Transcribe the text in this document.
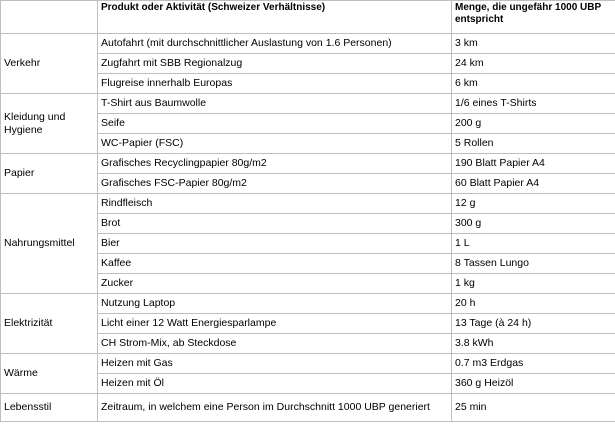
	Produkt oder Aktivität (Schweizer Verhältnisse)	Menge, die ungefähr 1000 UBP entspricht
Verkehr	Autofahrt (mit durchschnittlicher Auslastung von 1.6 Personen)	3 km
	Zugfahrt mit SBB Regionalzug	24 km
	Flugreise innerhalb Europas	6 km
Kleidung und Hygiene	T-Shirt aus Baumwolle	1/6 eines T-Shirts
	Seife	200 g
	WC-Papier (FSC)	5 Rollen
Papier	Grafisches Recyclingpapier 80g/m2	190 Blatt Papier A4
	Grafisches FSC-Papier 80g/m2	60 Blatt Papier A4
Nahrungsmittel	Rindfleisch	12 g
	Brot	300 g
	Bier	1 L
	Kaffee	8 Tassen Lungo
	Zucker	1 kg
Elektrizität	Nutzung Laptop	20 h
	Licht einer 12 Watt Energiesparlampe	13 Tage (à 24 h)
	CH Strom-Mix, ab Steckdose	3.8 kWh
Wärme	Heizen mit Gas	0.7 m3 Erdgas
	Heizen mit Öl	360 g Heizöl
Lebensstil	Zeitraum, in welchem eine Person im Durchschnitt 1000 UBP generiert	25 min
